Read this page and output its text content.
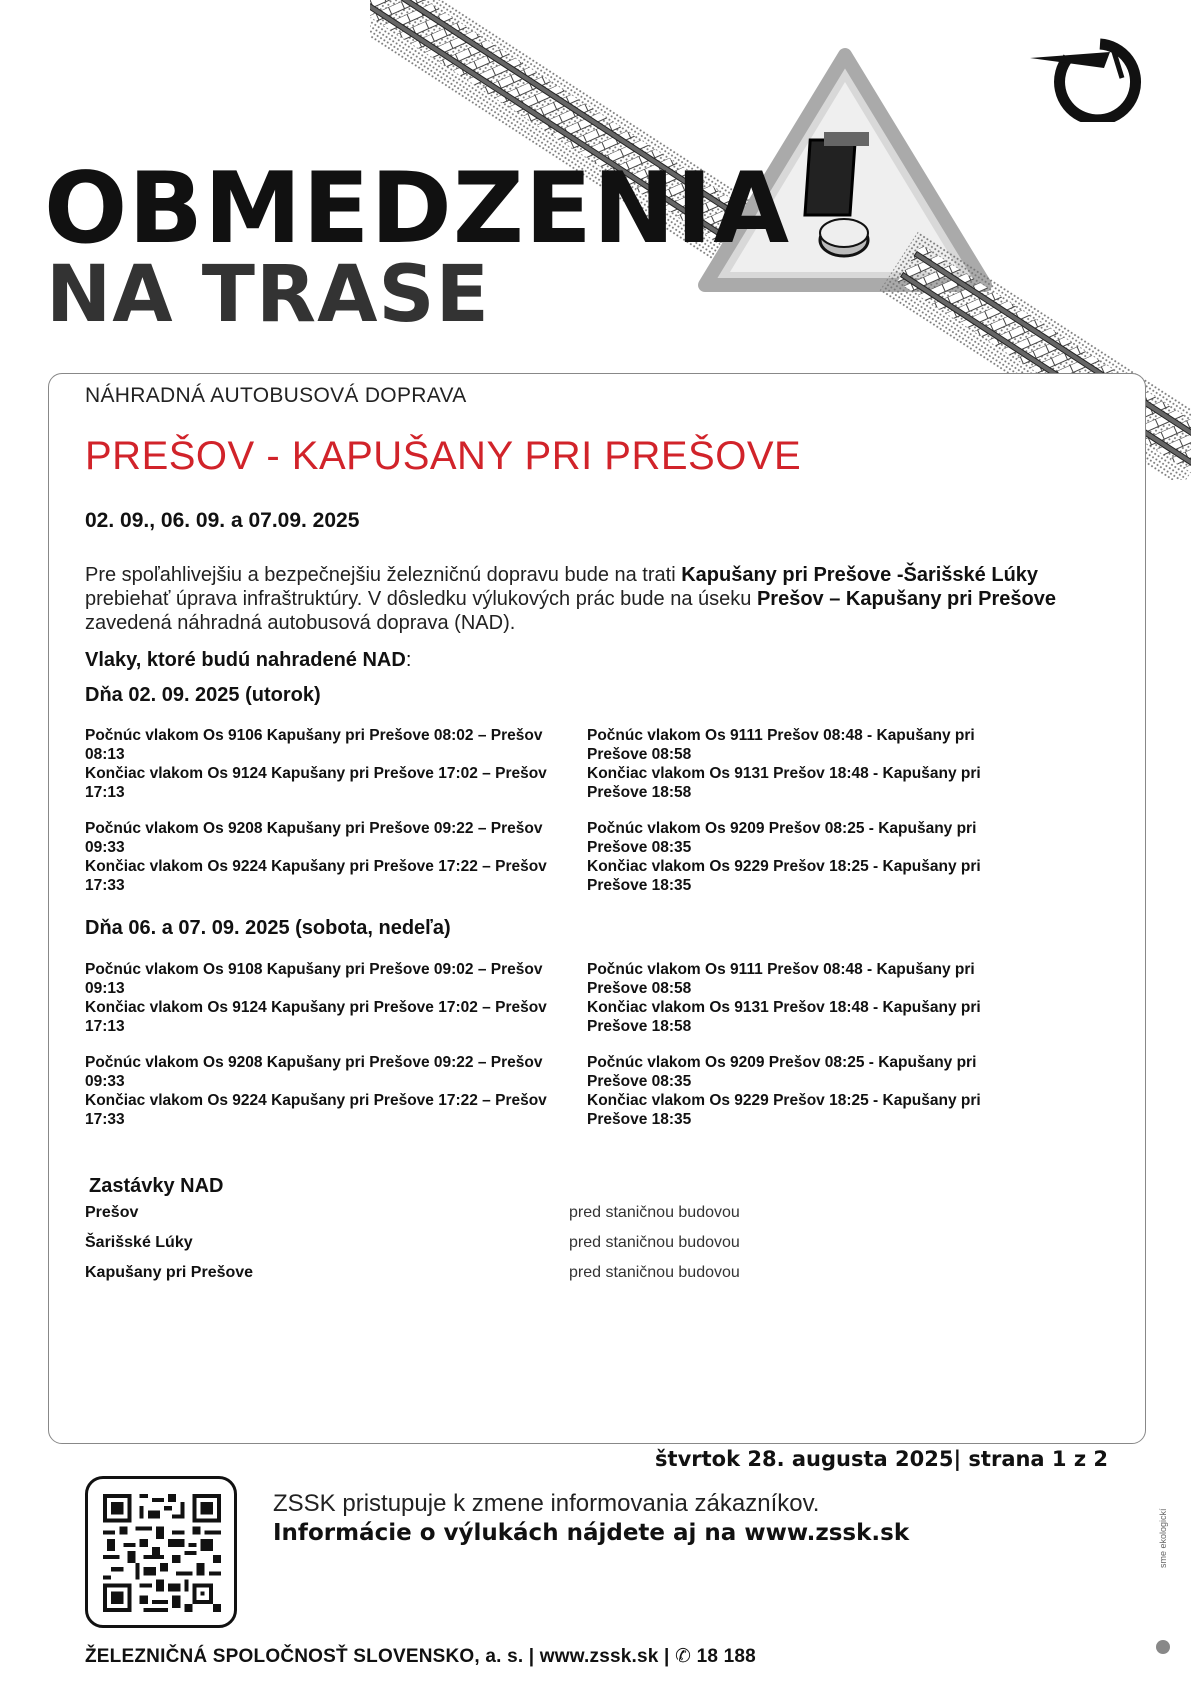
OBMEDZENIA
NA TRASE
NÁHRADNÁ AUTOBUSOVÁ DOPRAVA
PREŠOV - KAPUŠANY PRI PREŠOVE
02. 09., 06. 09. a 07.09. 2025
Pre spoľahlivejšiu a bezpečnejšiu železničnú dopravu bude na trati Kapušany pri Prešove -Šarišské Lúky prebiehať úprava infraštruktúry. V dôsledku výlukových prác bude na úseku Prešov – Kapušany pri Prešove zavedená náhradná autobusová doprava (NAD).
Vlaky, ktoré budú nahradené NAD:
Dňa 02. 09. 2025 (utorok)
Počnúc vlakom Os 9106 Kapušany pri Prešove 08:02 – Prešov 08:13
Končiac vlakom Os 9124 Kapušany pri Prešove 17:02 – Prešov 17:13
Počnúc vlakom Os 9208 Kapušany pri Prešove 09:22 – Prešov 09:33
Končiac vlakom Os 9224 Kapušany pri Prešove 17:22 – Prešov 17:33
Počnúc vlakom Os 9111 Prešov 08:48 - Kapušany pri Prešove 08:58
Končiac vlakom Os 9131 Prešov 18:48 - Kapušany pri Prešove 18:58
Počnúc vlakom Os 9209 Prešov 08:25 - Kapušany pri Prešove 08:35
Končiac vlakom Os 9229 Prešov 18:25 - Kapušany pri Prešove 18:35
Dňa 06. a 07. 09. 2025 (sobota, nedeľa)
Počnúc vlakom Os 9108 Kapušany pri Prešove 09:02 – Prešov 09:13
Končiac vlakom Os 9124 Kapušany pri Prešove 17:02 – Prešov 17:13
Počnúc vlakom Os 9208 Kapušany pri Prešove 09:22 – Prešov 09:33
Končiac vlakom Os 9224 Kapušany pri Prešove 17:22 – Prešov 17:33
Počnúc vlakom Os 9111 Prešov 08:48 - Kapušany pri Prešove 08:58
Končiac vlakom Os 9131 Prešov 18:48 - Kapušany pri Prešove 18:58
Počnúc vlakom Os 9209 Prešov 08:25 - Kapušany pri Prešove 08:35
Končiac vlakom Os 9229 Prešov 18:25 - Kapušany pri Prešove 18:35
Zastávky NAD
Prešov	pred staničnou budovou
Šarišské Lúky	pred staničnou budovou
Kapušany pri Prešove	pred staničnou budovou
štvrtok 28. augusta 2025| strana 1 z 2
ZSSK pristupuje k zmene informovania zákazníkov.
Informácie o výlukách nájdete aj na www.zssk.sk
ŽELEZNIČNÁ SPOLOČNOSŤ SLOVENSKO, a. s. | www.zssk.sk | ✆ 18 188
sme ekologickí
